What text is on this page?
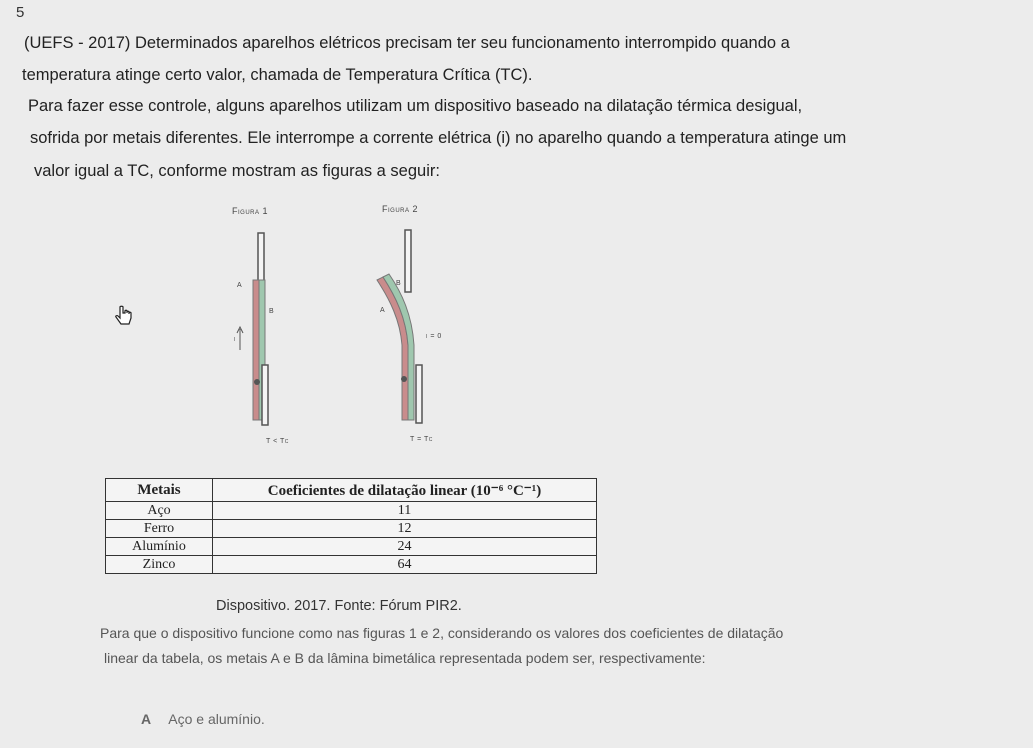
5
(UEFS - 2017) Determinados aparelhos elétricos precisam ter seu funcionamento interrompido quando a
temperatura atinge certo valor, chamada de Temperatura Crítica (TC).
Para fazer esse controle, alguns aparelhos utilizam um dispositivo baseado na dilatação térmica desigual,
sofrida por metais diferentes. Ele interrompe a corrente elétrica (i) no aparelho quando a temperatura atinge um
valor igual a TC, conforme mostram as figuras a seguir:
Figura 1	Figura 2
A
B
i
T < Tc
A
B
i = 0
T = Tc
Metais	Coeficientes de dilatação linear (10⁻⁶ °C⁻¹)
Aço	11
Ferro	12
Alumínio	24
Zinco	64
Dispositivo. 2017. Fonte: Fórum PIR2.
Para que o dispositivo funcione como nas figuras 1 e 2, considerando os valores dos coeficientes de dilatação
linear da tabela, os metais A e B da lâmina bimetálica representada podem ser, respectivamente:
A Aço e alumínio.
